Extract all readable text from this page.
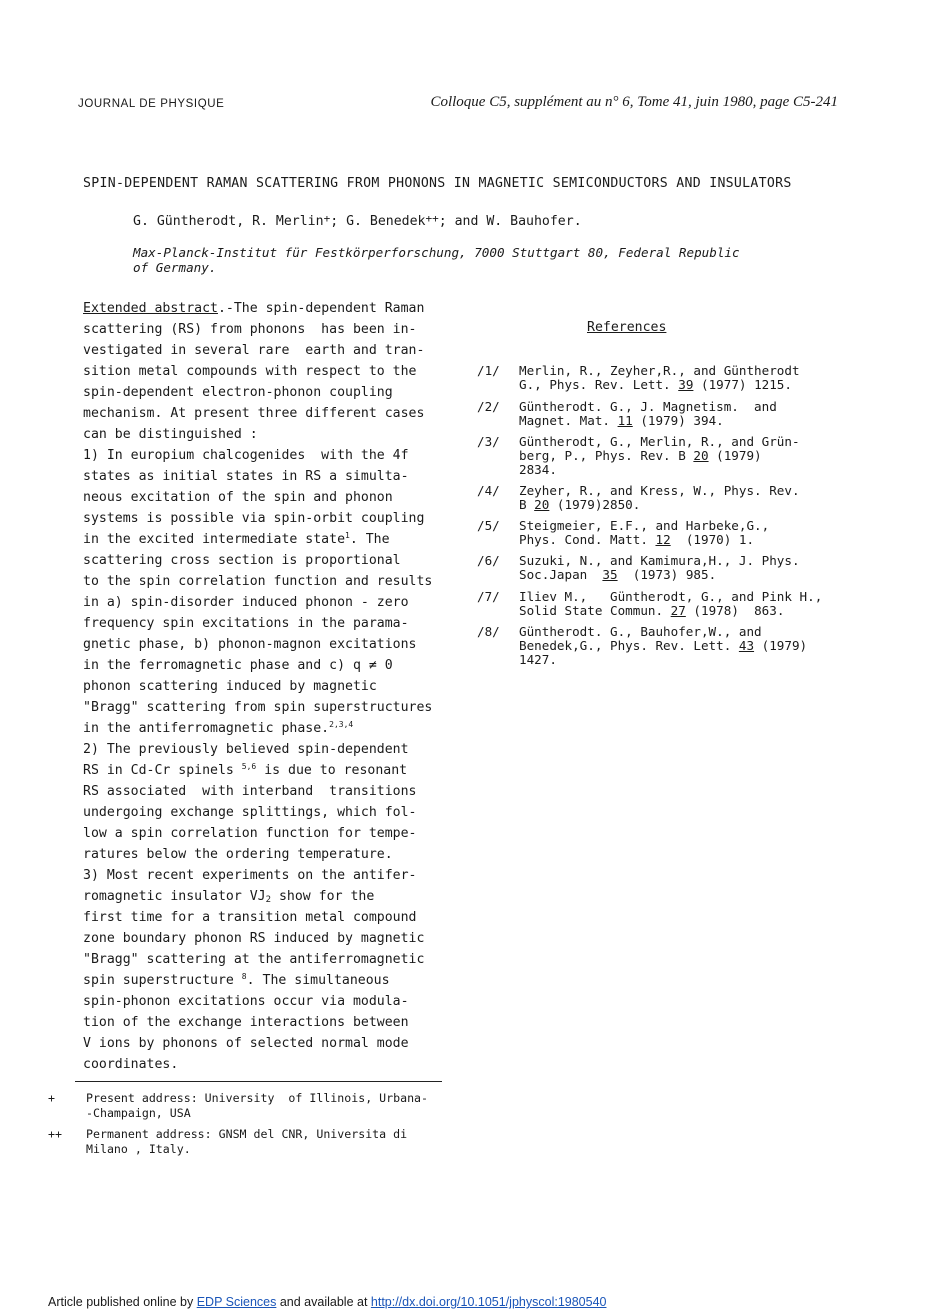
JOURNAL DE PHYSIQUE	Colloque C5, supplément au n° 6, Tome 41, juin 1980, page C5-241
SPIN-DEPENDENT RAMAN SCATTERING FROM PHONONS IN MAGNETIC SEMICONDUCTORS AND INSULATORS
G. Güntherodt, R. Merlin+; G. Benedek++; and W. Bauhofer.
Max-Planck-Institut für Festkörperforschung, 7000 Stuttgart 80, Federal Republic
of Germany.
Extended abstract.-The spin-dependent Raman
scattering (RS) from phonons  has been in-
vestigated in several rare  earth and tran-
sition metal compounds with respect to the
spin-dependent electron-phonon coupling
mechanism. At present three different cases
can be distinguished :
1) In europium chalcogenides  with the 4f
states as initial states in RS a simulta-
neous excitation of the spin and phonon
systems is possible via spin-orbit coupling
in the excited intermediate state$^1$. The
scattering cross section is proportional
to the spin correlation function and results
in a) spin-disorder induced phonon - zero
frequency spin excitations in the parama-
gnetic phase, b) phonon-magnon excitations
in the ferromagnetic phase and c) q ≠ 0
phonon scattering induced by magnetic
"Bragg" scattering from spin superstructures
in the antiferromagnetic phase.$^{2,3,4}$
2) The previously believed spin-dependent
RS in Cd-Cr spinels $^{5,6}$ is due to resonant
RS associated  with interband  transitions
undergoing exchange splittings, which fol-
low a spin correlation function for tempe-
ratures below the ordering temperature.
3) Most recent experiments on the antifer-
romagnetic insulator $VJ_2$ show for the
first time for a transition metal compound
zone boundary phonon RS induced by magnetic
"Bragg" scattering at the antiferromagnetic
spin superstructure $^8$. The simultaneous
spin-phonon excitations occur via modula-
tion of the exchange interactions between
V ions by phonons of selected normal mode
coordinates.
+	Present address: University  of Illinois, Urbana-
-Champaign, USA
++ Permanent address: GNSM del CNR, Universita di
Milano , Italy.
References
/1/ Merlin, R., Zeyher,R., and Güntherodt
G., Phys. Rev. Lett. 39 (1977) 1215.
/2/ Güntherodt. G., J. Magnetism.  and
Magnet. Mat. 11 (1979) 394.
/3/ Güntherodt, G., Merlin, R., and Grün-
berg, P., Phys. Rev. B 20 (1979)
2834.
/4/ Zeyher, R., and Kress, W., Phys. Rev.
B 20 (1979)2850.
/5/ Steigmeier, E.F., and Harbeke,G.,
Phys. Cond. Matt. 12  (1970) 1.
/6/ Suzuki, N., and Kamimura,H., J. Phys.
Soc.Japan  35  (1973) 985.
/7/ Iliev M.,   Güntherodt, G., and Pink H.,
Solid State Commun. 27 (1978)  863.
/8/ Güntherodt. G., Bauhofer,W., and
Benedek,G., Phys. Rev. Lett. 43 (1979)
1427.
Article published online by EDP Sciences and available at http://dx.doi.org/10.1051/jphyscol:1980540
